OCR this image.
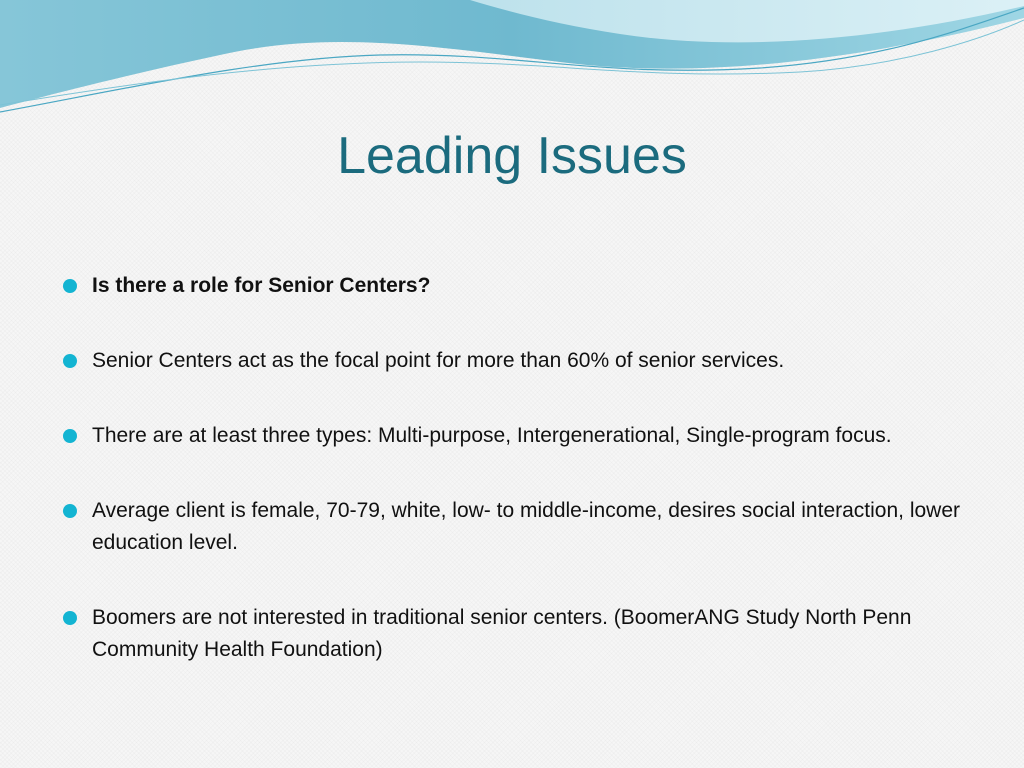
Leading Issues
Is there a role for Senior Centers?
Senior Centers act as the focal point for more than 60% of senior services.
There are at least three types: Multi-purpose, Intergenerational, Single-program focus.
Average client is female, 70-79, white, low- to middle-income, desires social interaction, lower education level.
Boomers are not interested in traditional senior centers. (BoomerANG Study North Penn Community Health Foundation)
